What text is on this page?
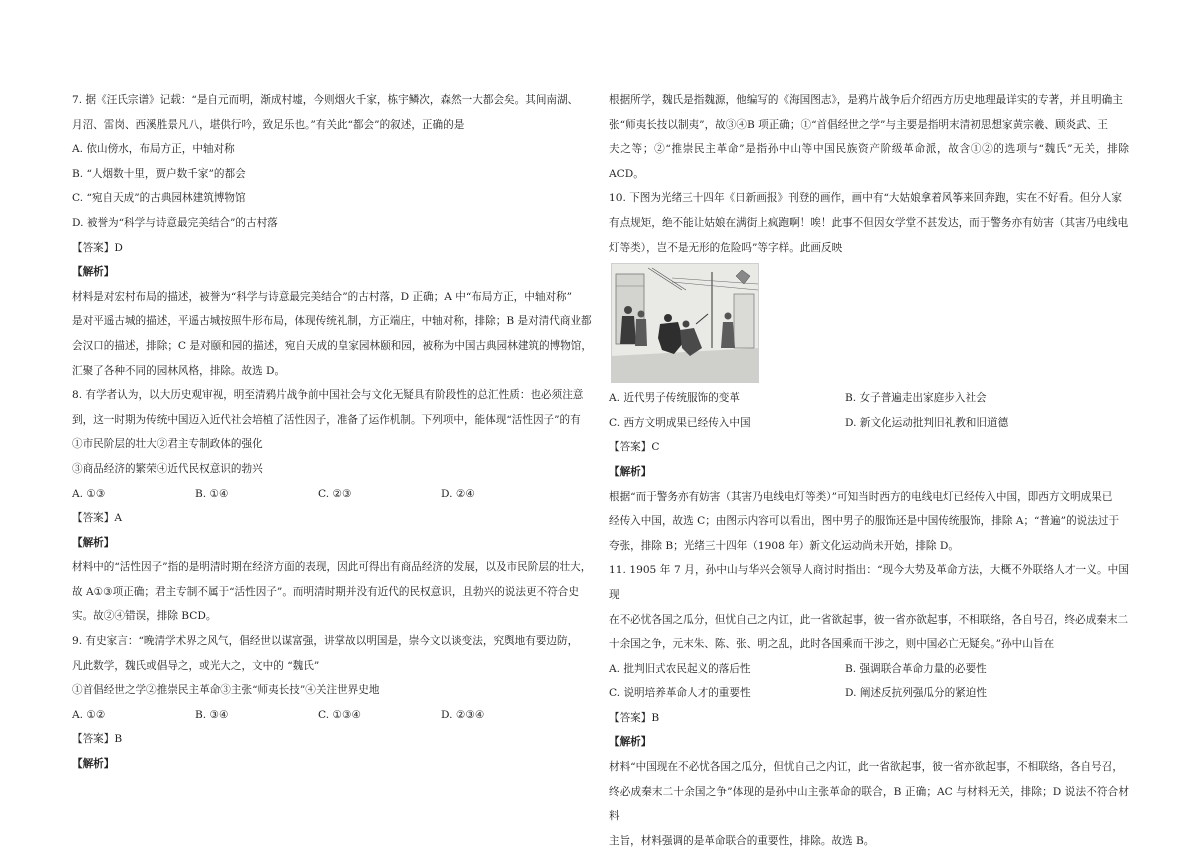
7. 据《汪氏宗谱》记载：“是自元而明，渐成村墟，今则烟火千家，栋宇鳞次，森然一大都会矣。其间南湖、

月沼、雷岗、西溪胜景凡八，堪供行吟，致足乐也。”有关此“都会”的叙述，正确的是

A. 依山傍水，布局方正，中轴对称

B. “人烟数十里，贾户数千家”的都会

C. “宛自天成”的古典园林建筑博物馆

D. 被誉为“科学与诗意最完美结合”的古村落

【答案】D

【解析】

材料是对宏村布局的描述，被誉为“科学与诗意最完美结合”的古村落，D 正确；A 中“布局方正，中轴对称”

是对平遥古城的描述，平遥古城按照牛形布局，体现传统礼制，方正端庄，中轴对称，排除；B 是对清代商业都

会汉口的描述，排除；C 是对颐和园的描述，宛自天成的皇家园林颐和园，被称为中国古典园林建筑的博物馆，

汇聚了各种不同的园林风格，排除。故选 D。

8. 有学者认为，以大历史观审视，明至清鸦片战争前中国社会与文化无疑具有阶段性的总汇性质：也必须注意

到，这一时期为传统中国迈入近代社会培植了活性因子，准备了运作机制。下列项中，能体现“活性因子”的有

①市民阶层的壮大②君主专制政体的强化

③商品经济的繁荣④近代民权意识的勃兴

A. ①③	B. ①④	C. ②③	D. ②④

【答案】A

【解析】

材料中的“活性因子”指的是明清时期在经济方面的表现，因此可得出有商品经济的发展，以及市民阶层的壮大，

故 A①③项正确；君主专制不属于“活性因子”。而明清时期并没有近代的民权意识，且勃兴的说法更不符合史

实。故②④错误，排除 BCD。

9. 有史家言：“晚清学术界之风气，倡经世以谋富强，讲掌故以明国是，崇今文以谈变法，究舆地有要边防，

凡此数学，魏氏或倡导之，或光大之，文中的 “魏氏”

①首倡经世之学②推崇民主革命③主张“师夷长技”④关注世界史地

A. ①②	B. ③④	C. ①③④	D. ②③④

【答案】B

【解析】

根据所学，魏氏是指魏源，他编写的《海国图志》，是鸦片战争后介绍西方历史地理最详实的专著，并且明确主

张“师夷长技以制夷”，故③④B 项正确；①“首倡经世之学”与主要是指明末清初思想家黄宗羲、顾炎武、王

夫之等；②“推崇民主革命”是指孙中山等中国民族资产阶级革命派，故含①②的选项与“魏氏”无关，排除 ACD。

10. 下图为光绪三十四年《日新画报》刊登的画作，画中有“大姑娘拿着风筝来回奔跑，实在不好看。但分人家

有点规矩，绝不能让姑娘在满街上疯跑啊！唉！此事不但因女学堂不甚发达，而于警务亦有妨害（其害乃电线电

灯等类），岂不是无形的危险吗”等字样。此画反映

A. 近代男子传统服饰的变革	B. 女子普遍走出家庭步入社会
C. 西方文明成果已经传入中国	D. 新文化运动批判旧礼教和旧道德

【答案】C

【解析】

根据“而于警务亦有妨害（其害乃电线电灯等类）”可知当时西方的电线电灯已经传入中国，即西方文明成果已

经传入中国，故选 C；由图示内容可以看出，图中男子的服饰还是中国传统服饰，排除 A；“普遍”的说法过于

夸张，排除 B；光绪三十四年（1908 年）新文化运动尚未开始，排除 D。

11. 1905 年 7 月，孙中山与华兴会领导人商讨时指出：“现今大势及革命方法，大概不外联络人才一义。中国现

在不必忧各国之瓜分，但忧自己之内讧，此一省欲起事，彼一省亦欲起事，不相联络，各自号召，终必成秦末二

十余国之争，元末朱、陈、张、明之乱，此时各国乘而干涉之，则中国必亡无疑矣。”孙中山旨在

A. 批判旧式农民起义的落后性	B. 强调联合革命力量的必要性
C. 说明培养革命人才的重要性	D. 阐述反抗列强瓜分的紧迫性

【答案】B

【解析】

材料“中国现在不必忧各国之瓜分，但忧自己之内讧，此一省欲起事，彼一省亦欲起事，不相联络，各自号召，

终必成秦末二十余国之争”体现的是孙中山主张革命的联合，B 正确；AC 与材料无关，排除；D 说法不符合材料

主旨，材料强调的是革命联合的重要性，排除。故选 B。
